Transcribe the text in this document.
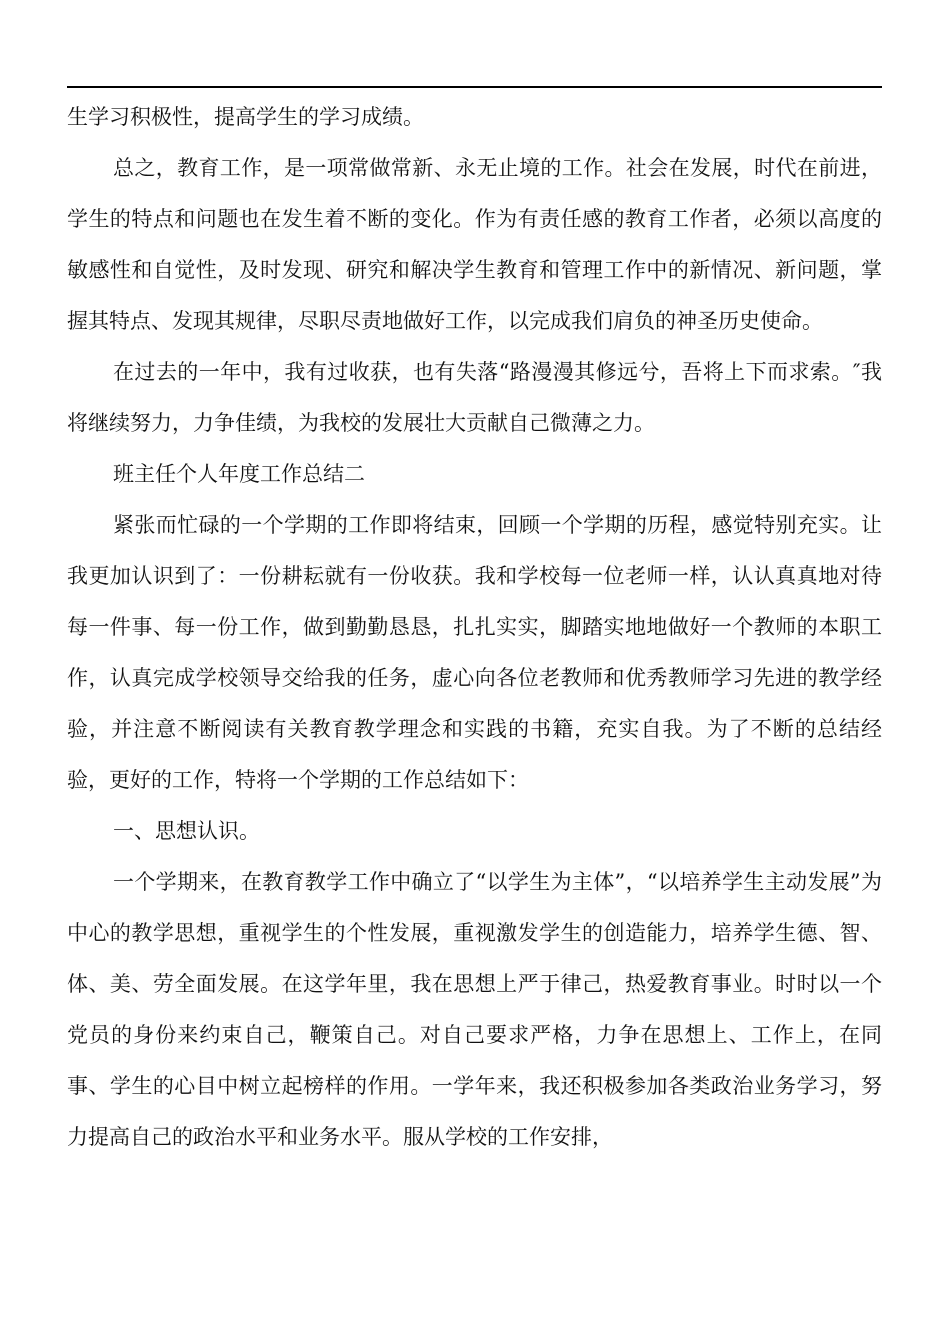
生学习积极性，提高学生的学习成绩。

总之，教育工作，是一项常做常新、永无止境的工作。社会在发展，时代在前进，学生的特点和问题也在发生着不断的变化。作为有责任感的教育工作者，必须以高度的敏感性和自觉性，及时发现、研究和解决学生教育和管理工作中的新情况、新问题，掌握其特点、发现其规律，尽职尽责地做好工作，以完成我们肩负的神圣历史使命。

在过去的一年中，我有过收获，也有失落“路漫漫其修远兮，吾将上下而求索。″我将继续努力，力争佳绩，为我校的发展壮大贡献自己微薄之力。

班主任个人年度工作总结二

紧张而忙碌的一个学期的工作即将结束，回顾一个学期的历程，感觉特别充实。让我更加认识到了：一份耕耘就有一份收获。我和学校每一位老师一样，认认真真地对待每一件事、每一份工作，做到勤勤恳恳，扎扎实实，脚踏实地地做好一个教师的本职工作，认真完成学校领导交给我的任务，虚心向各位老教师和优秀教师学习先进的教学经验，并注意不断阅读有关教育教学理念和实践的书籍，充实自我。为了不断的总结经验，更好的工作，特将一个学期的工作总结如下：

一、思想认识。

一个学期来，在教育教学工作中确立了“以学生为主体”，“以培养学生主动发展”为中心的教学思想，重视学生的个性发展，重视激发学生的创造能力，培养学生德、智、体、美、劳全面发展。在这学年里，我在思想上严于律己，热爱教育事业。时时以一个党员的身份来约束自己，鞭策自己。对自己要求严格，力争在思想上、工作上，在同事、学生的心目中树立起榜样的作用。一学年来，我还积极参加各类政治业务学习，努力提高自己的政治水平和业务水平。服从学校的工作安排，
